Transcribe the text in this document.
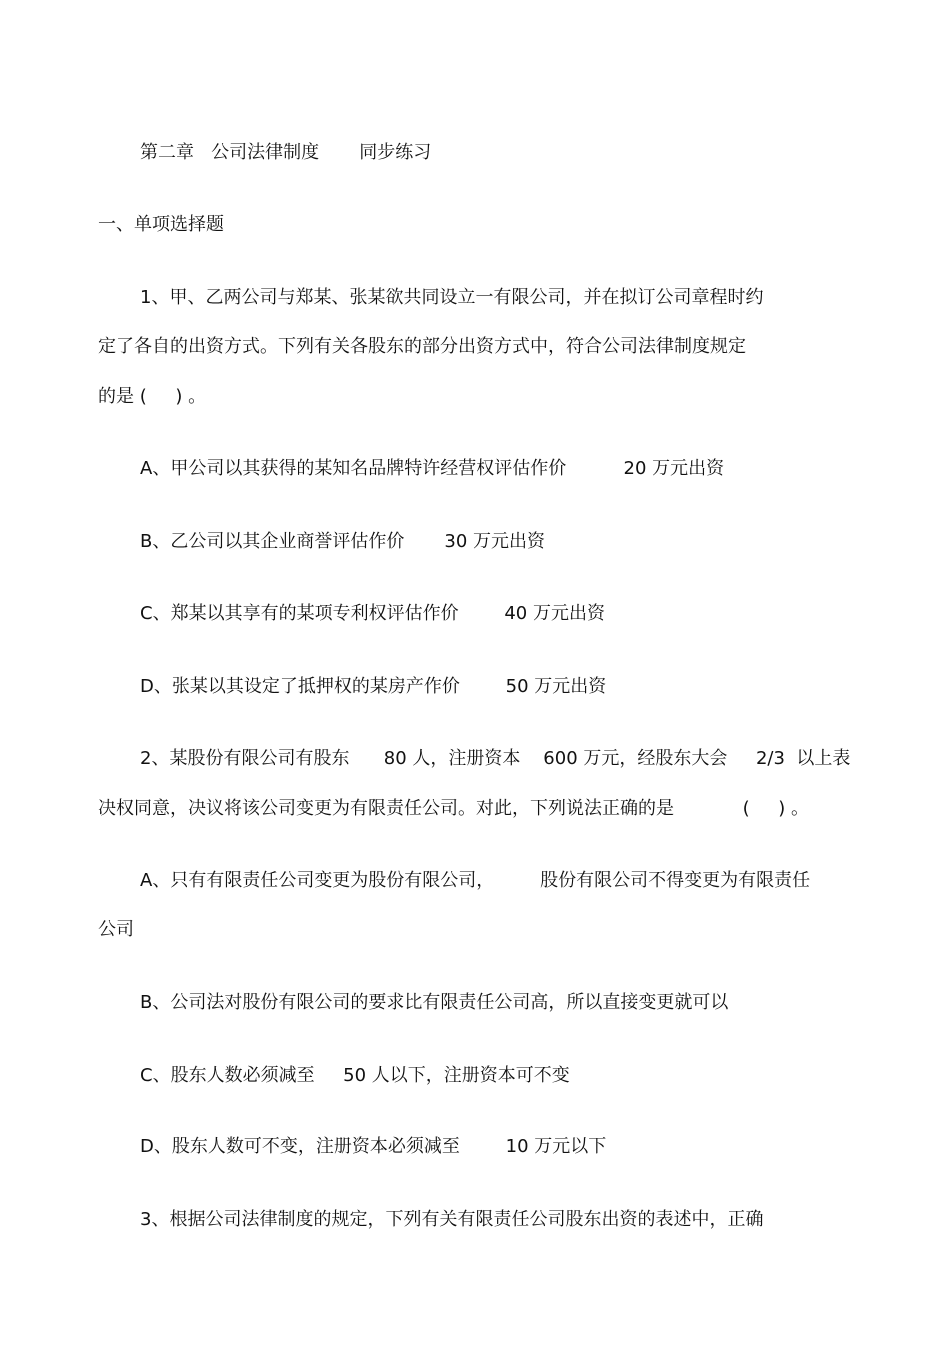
第二章   公司法律制度       同步练习
一、单项选择题
1、甲、乙两公司与郑某、张某欲共同设立一有限公司，并在拟订公司章程时约
定了各自的出资方式。下列有关各股东的部分出资方式中，符合公司法律制度规定
的是 (     ) 。
A、甲公司以其获得的某知名品牌特许经营权评估作价          20 万元出资
B、乙公司以其企业商誉评估作价       30 万元出资
C、郑某以其享有的某项专利权评估作价        40 万元出资
D、张某以其设定了抵押权的某房产作价        50 万元出资
2、某股份有限公司有股东      80 人，注册资本    600 万元，经股东大会     2/3  以上表
决权同意，决议将该公司变更为有限责任公司。对此，下列说法正确的是            (     ) 。
A、只有有限责任公司变更为股份有限公司，        股份有限公司不得变更为有限责任
公司
B、公司法对股份有限公司的要求比有限责任公司高，所以直接变更就可以
C、股东人数必须减至     50 人以下，注册资本可不变
D、股东人数可不变，注册资本必须减至        10 万元以下
3、根据公司法律制度的规定，下列有关有限责任公司股东出资的表述中，正确
